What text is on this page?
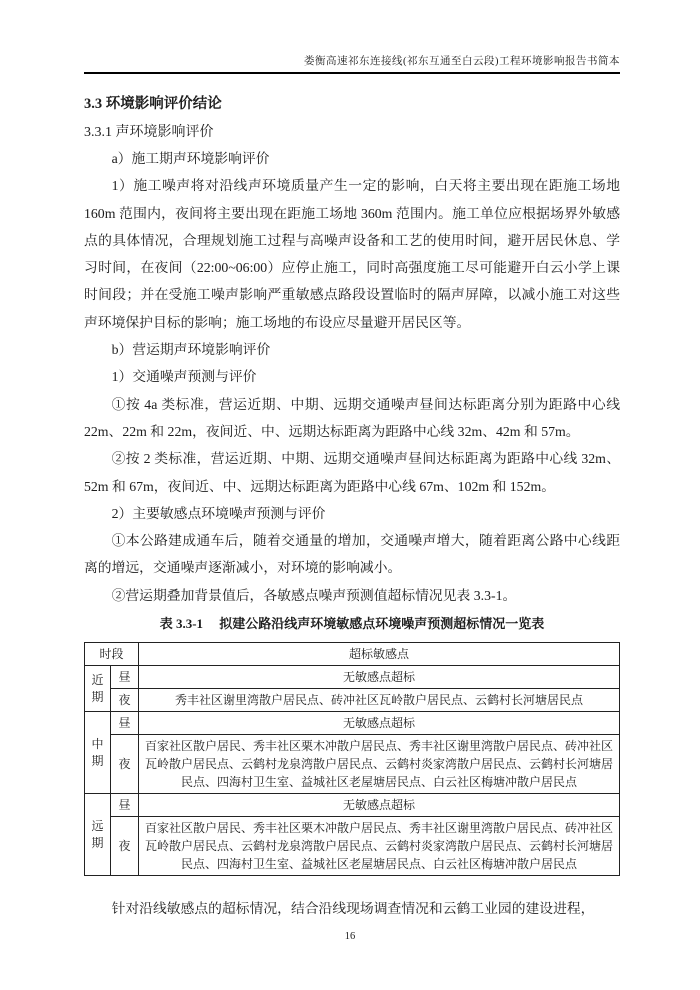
娄衡高速祁东连接线(祁东互通至白云段)工程环境影响报告书简本
3.3 环境影响评价结论
3.3.1 声环境影响评价

a）施工期声环境影响评价

1）施工噪声将对沿线声环境质量产生一定的影响，白天将主要出现在距施工场地 160m 范围内，夜间将主要出现在距施工场地 360m 范围内。施工单位应根据场界外敏感点的具体情况，合理规划施工过程与高噪声设备和工艺的使用时间，避开居民休息、学习时间，在夜间（22:00~06:00）应停止施工，同时高强度施工尽可能避开白云小学上课时间段；并在受施工噪声影响严重敏感点路段设置临时的隔声屏障，以减小施工对这些声环境保护目标的影响；施工场地的布设应尽量避开居民区等。

b）营运期声环境影响评价

1）交通噪声预测与评价

①按 4a 类标准，营运近期、中期、远期交通噪声昼间达标距离分别为距路中心线 22m、22m 和 22m，夜间近、中、远期达标距离为距路中心线 32m、42m 和 57m。

②按 2 类标准，营运近期、中期、远期交通噪声昼间达标距离为距路中心线 32m、52m 和 67m，夜间近、中、远期达标距离为距路中心线 67m、102m 和 152m。

2）主要敏感点环境噪声预测与评价

①本公路建成通车后，随着交通量的增加，交通噪声增大，随着距离公路中心线距离的增远，交通噪声逐渐减小，对环境的影响减小。

②营运期叠加背景值后，各敏感点噪声预测值超标情况见表 3.3-1。

表 3.3-1　 拟建公路沿线声环境敏感点环境噪声预测超标情况一览表
时段		超标敏感点
近期	昼	无敏感点超标
	夜	秀丰社区谢里湾散户居民点、砖冲社区瓦岭散户居民点、云鹤村长河塘居民点
中期	昼	无敏感点超标
	夜	百家社区散户居民、秀丰社区栗木冲散户居民点、秀丰社区谢里湾散户居民点、砖冲社区瓦岭散户居民点、云鹤村龙泉湾散户居民点、云鹤村炎家湾散户居民点、云鹤村长河塘居民点、四海村卫生室、益城社区老屋塘居民点、白云社区梅塘冲散户居民点
远期	昼	无敏感点超标
	夜	百家社区散户居民、秀丰社区栗木冲散户居民点、秀丰社区谢里湾散户居民点、砖冲社区瓦岭散户居民点、云鹤村龙泉湾散户居民点、云鹤村炎家湾散户居民点、云鹤村长河塘居民点、四海村卫生室、益城社区老屋塘居民点、白云社区梅塘冲散户居民点

针对沿线敏感点的超标情况，结合沿线现场调查情况和云鹤工业园的建设进程，

16
